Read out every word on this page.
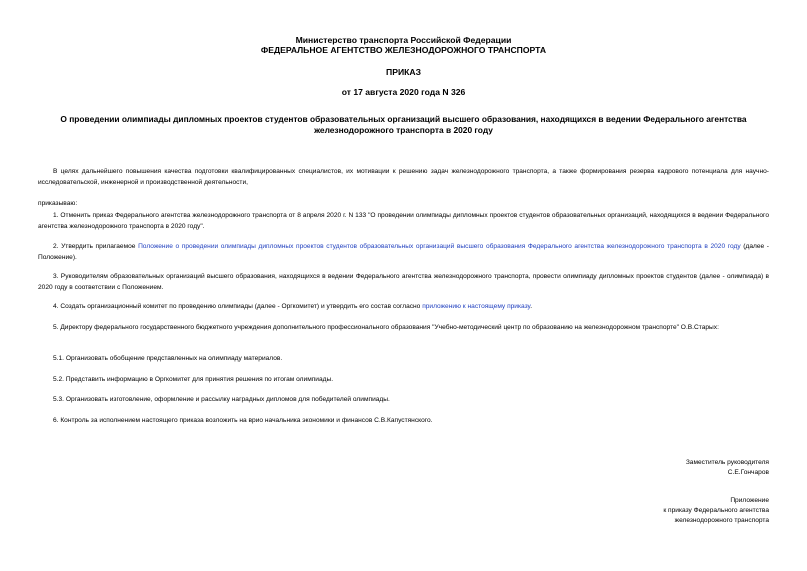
Министерство транспорта Российской Федерации
ФЕДЕРАЛЬНОЕ АГЕНТСТВО ЖЕЛЕЗНОДОРОЖНОГО ТРАНСПОРТА
ПРИКАЗ
от 17 августа 2020 года N 326
О проведении олимпиады дипломных проектов студентов образовательных организаций высшего образования, находящихся в ведении Федерального агентства железнодорожного транспорта в 2020 году
В целях дальнейшего повышения качества подготовки квалифицированных специалистов, их мотивации к решению задач железнодорожного транспорта, а также формирования резерва кадрового потенциала для научно-исследовательской, инженерной и производственной деятельности,
приказываю:
1. Отменить приказ Федерального агентства железнодорожного транспорта от 8 апреля 2020 г. N 133 "О проведении олимпиады дипломных проектов студентов образовательных организаций, находящихся в ведении Федерального агентства железнодорожного транспорта в 2020 году".
2. Утвердить прилагаемое Положение о проведении олимпиады дипломных проектов студентов образовательных организаций высшего образования Федерального агентства железнодорожного транспорта в 2020 году (далее - Положение).
3. Руководителям образовательных организаций высшего образования, находящихся в ведении Федерального агентства железнодорожного транспорта, провести олимпиаду дипломных проектов студентов (далее - олимпиада) в 2020 году в соответствии с Положением.
4. Создать организационный комитет по проведению олимпиады (далее - Оргкомитет) и утвердить его состав согласно приложению к настоящему приказу.
5. Директору федерального государственного бюджетного учреждения дополнительного профессионального образования "Учебно-методический центр по образованию на железнодорожном транспорте" О.В.Старых:
5.1. Организовать обобщение представленных на олимпиаду материалов.
5.2. Представить информацию в Оргкомитет для принятия решения по итогам олимпиады.
5.3. Организовать изготовление, оформление и рассылку наградных дипломов для победителей олимпиады.
6. Контроль за исполнением настоящего приказа возложить на врио начальника экономики и финансов С.В.Капустянского.
Заместитель руководителя
С.Е.Гончаров
Приложение
к приказу Федерального агентства
железнодорожного транспорта
